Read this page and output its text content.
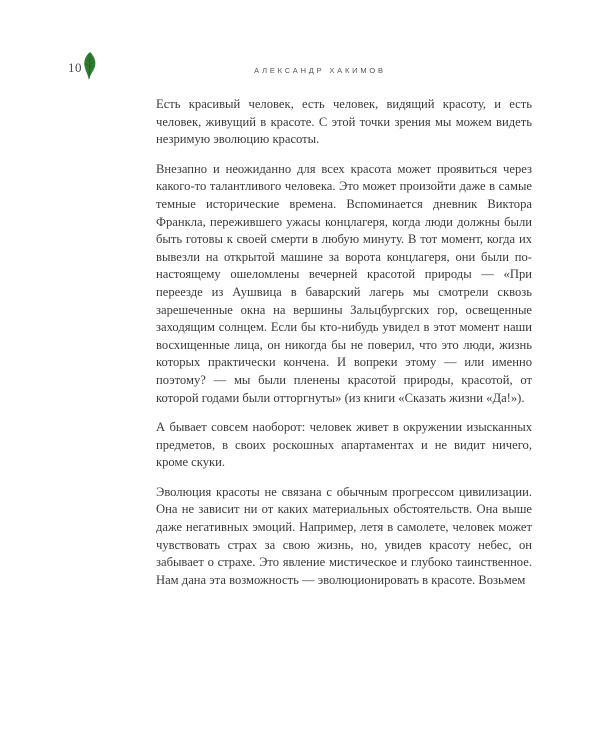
10	АЛЕКСАНДР ХАКИМОВ

Есть красивый человек, есть человек, видящий красоту, и есть человек, живущий в красоте. С этой точки зрения мы можем видеть незримую эволюцию красоты.

Внезапно и неожиданно для всех красота может проявиться через какого-то талантливого человека. Это может произойти даже в самые темные исторические времена. Вспоминается дневник Виктора Франкла, пережившего ужасы концлагеря, когда люди должны были быть готовы к своей смерти в любую минуту. В тот момент, когда их вывезли на открытой машине за ворота концлагеря, они были по-настоящему ошеломлены вечерней красотой природы — «При переезде из Аушвица в баварский лагерь мы смотрели сквозь зарешеченные окна на вершины Зальцбургских гор, освещенные заходящим солнцем. Если бы кто-нибудь увидел в этот момент наши восхищенные лица, он никогда бы не поверил, что это люди, жизнь которых практически кончена. И вопреки этому — или именно поэтому? — мы были пленены красотой природы, красотой, от которой годами были отторгнуты» (из книги «Сказать жизни «Да!»).

А бывает совсем наоборот: человек живет в окружении изысканных предметов, в своих роскошных апартаментах и не видит ничего, кроме скуки.

Эволюция красоты не связана с обычным прогрессом цивилизации. Она не зависит ни от каких материальных обстоятельств. Она выше даже негативных эмоций. Например, летя в самолете, человек может чувствовать страх за свою жизнь, но, увидев красоту небес, он забывает о страхе. Это явление мистическое и глубоко таинственное. Нам дана эта возможность — эволюционировать в красоте. Возьмем
